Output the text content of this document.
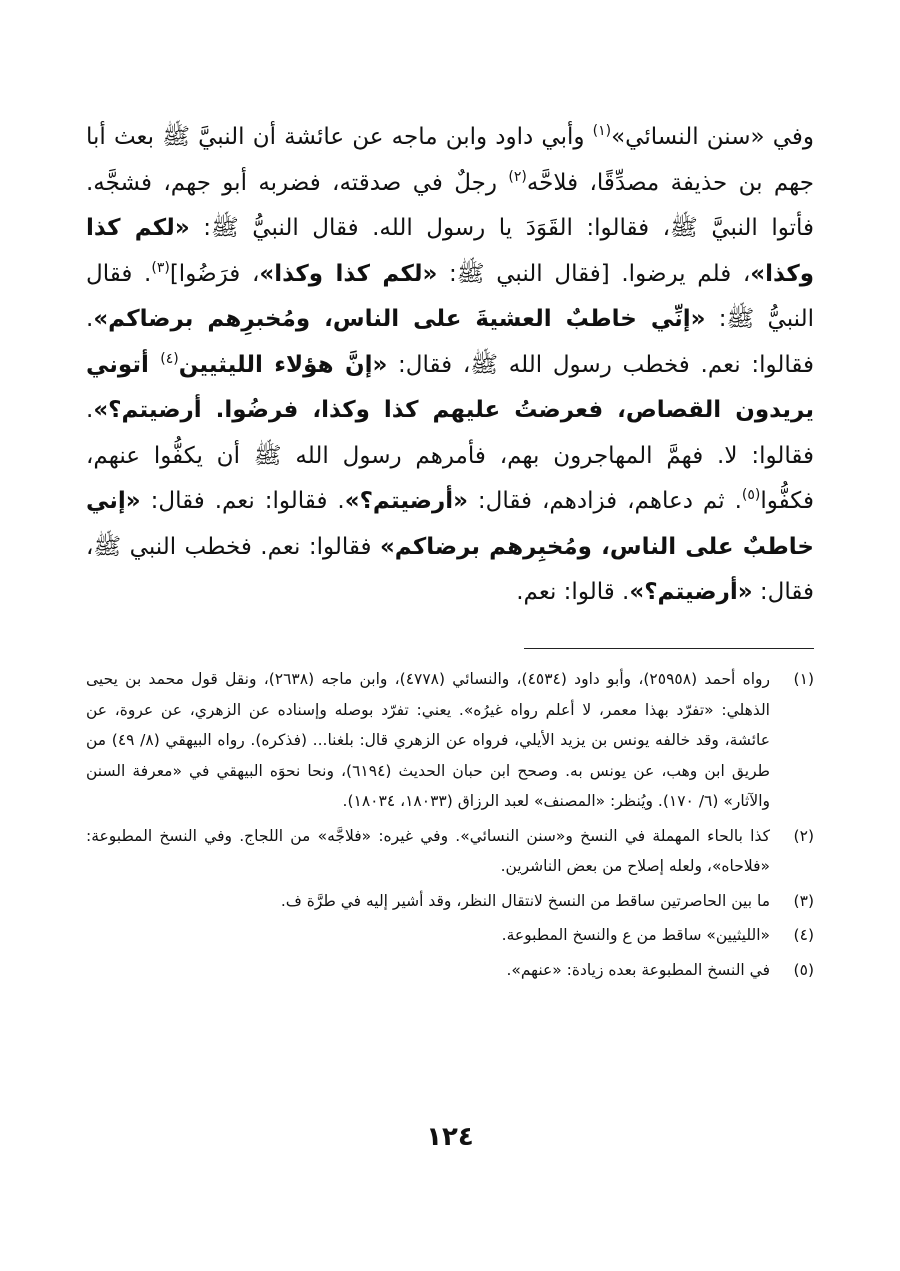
وفي «سنن النسائي»$^{(١)}$ وأبي داود وابن ماجه عن عائشة أن النبيَّ ﷺ بعث أبا جهم بن حذيفة مصدِّقًا، فلاحَّه$^{(٢)}$ رجلٌ في صدقته، فضربه أبو جهم، فشجَّه. فأتوا النبيَّ ﷺ، فقالوا: القَوَدَ يا رسول الله. فقال النبيُّ ﷺ: «لكم كذا وكذا»، فلم يرضوا. [فقال النبي ﷺ: «لكم كذا وكذا»، فرَضُوا]$^{(٣)}$. فقال النبيُّ ﷺ: «إنِّي خاطبٌ العشيةَ على الناس، ومُخبرِهم برضاكم». فقالوا: نعم. فخطب رسول الله ﷺ، فقال: «إنَّ هؤلاء الليثيين$^{(٤)}$ أتوني يريدون القصاص، فعرضتُ عليهم كذا وكذا، فرضُوا. أرضيتم؟». فقالوا: لا. فهمَّ المهاجرون بهم، فأمرهم رسول الله ﷺ أن يكفُّوا عنهم، فكفُّوا$^{(٥)}$. ثم دعاهم، فزادهم، فقال: «أرضيتم؟». فقالوا: نعم. فقال: «إني خاطبٌ على الناس، ومُخبِرهم برضاكم» فقالوا: نعم. فخطب النبي ﷺ، فقال: «أرضيتم؟». قالوا: نعم.

(١)
رواه أحمد (٢٥٩٥٨)، وأبو داود (٤٥٣٤)، والنسائي (٤٧٧٨)، وابن ماجه (٢٦٣٨)، ونقل قول محمد بن يحيى الذهلي: «تفرّد بهذا معمر، لا أعلم رواه غيرُه». يعني: تفرّد بوصله وإسناده عن الزهري، عن عروة، عن عائشة، وقد خالفه يونس بن يزيد الأيلي، فرواه عن الزهري قال: بلغنا... (فذكره). رواه البيهقي (٨/ ٤٩) من طريق ابن وهب، عن يونس به. وصحح ابن حبان الحديث (٦١٩٤)، ونحا نحوَه البيهقي في «معرفة السنن والآثار» (٦/ ١٧٠). ويُنظر: «المصنف» لعبد الرزاق (١٨٠٣٣، ١٨٠٣٤).
(٢)
كذا بالحاء المهملة في النسخ و«سنن النسائي». وفي غيره: «فلاجَّه» من اللجاج. وفي النسخ المطبوعة: «فلاحاه»، ولعله إصلاح من بعض الناشرين.
(٣)
ما بين الحاصرتين ساقط من النسخ لانتقال النظر، وقد أشير إليه في طرَّة ف.
(٤)
«الليثيين» ساقط من ع والنسخ المطبوعة.
(٥)
في النسخ المطبوعة بعده زيادة: «عنهم».
١٢٤
